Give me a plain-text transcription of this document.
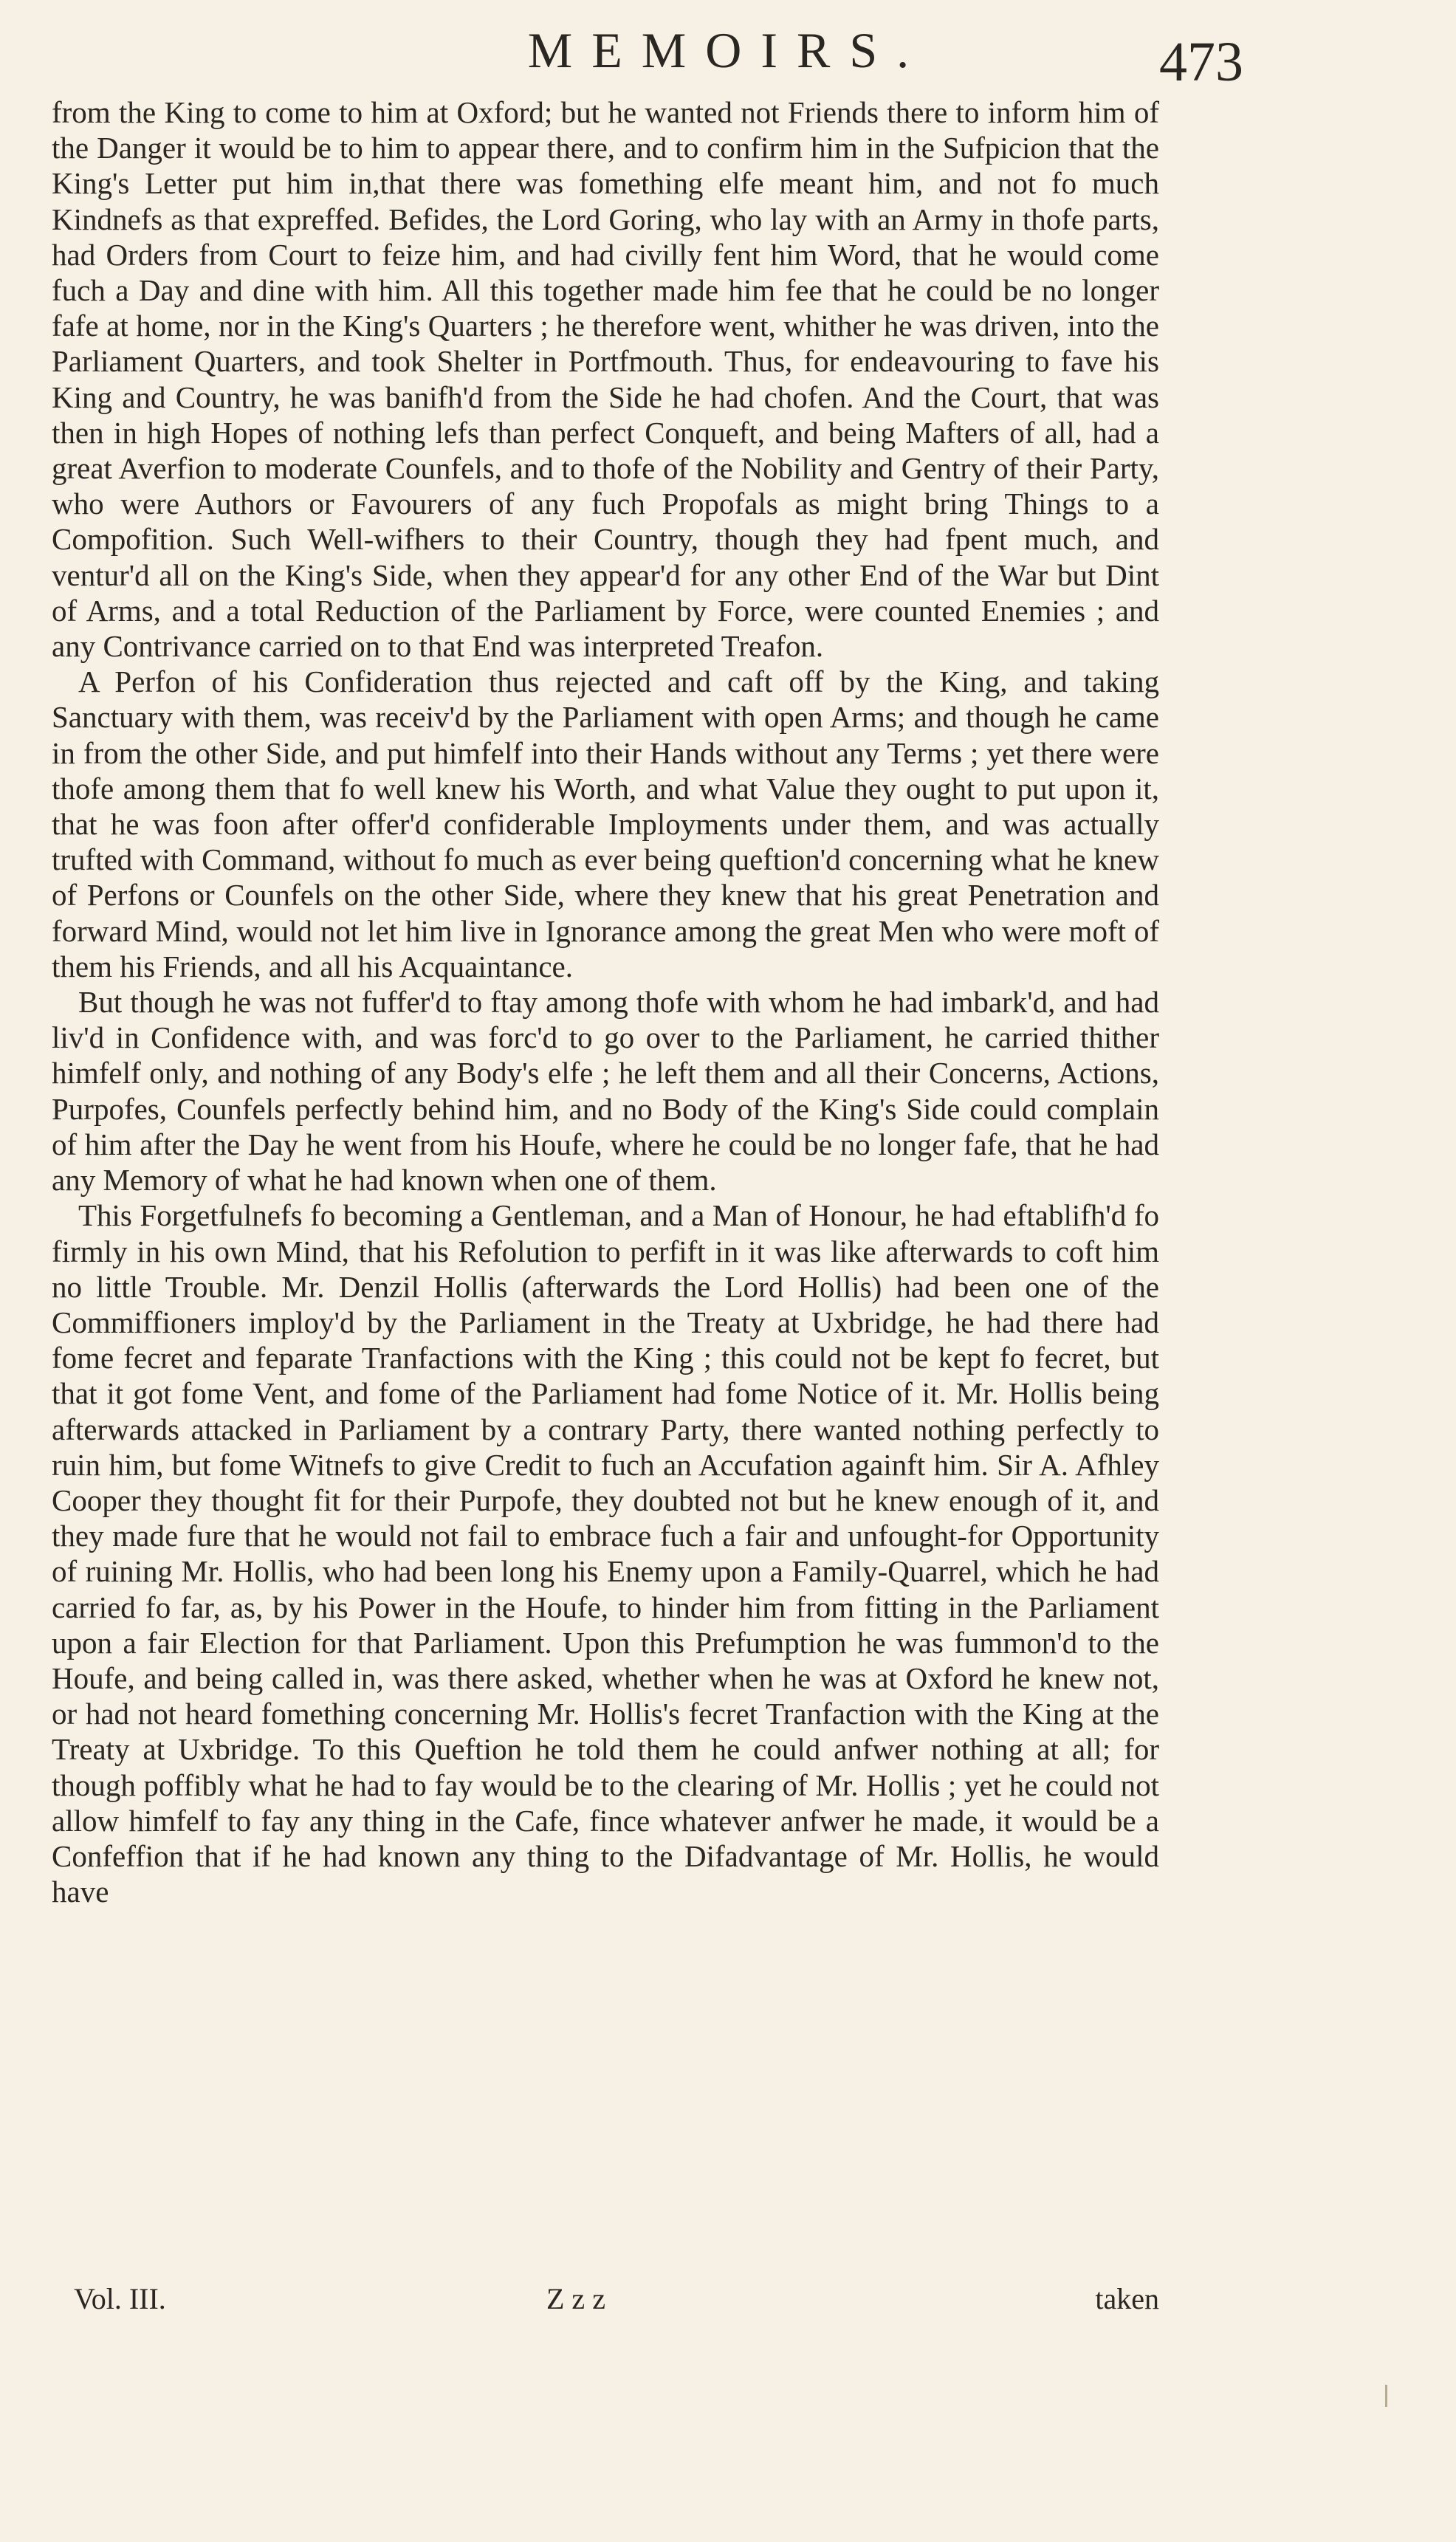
MEMOIRS.	473

from the King to come to him at Oxford; but he wanted not Friends there to inform him of the Danger it would be to him to appear there, and to confirm him in the Sufpicion that the King's Letter put him in,that there was fomething elfe meant him, and not fo much Kindnefs as that expreffed. Befides, the Lord Goring, who lay with an Army in thofe parts, had Orders from Court to feize him, and had civilly fent him Word, that he would come fuch a Day and dine with him. All this together made him fee that he could be no longer fafe at home, nor in the King's Quarters ; he therefore went, whither he was driven, into the Parliament Quarters, and took Shelter in Portfmouth. Thus, for endeavouring to fave his King and Country, he was banifh'd from the Side he had chofen. And the Court, that was then in high Hopes of nothing lefs than perfect Conqueft, and being Mafters of all, had a great Averfion to moderate Counfels, and to thofe of the Nobility and Gentry of their Party, who were Authors or Favourers of any fuch Propofals as might bring Things to a Compofition. Such Well-wifhers to their Country, though they had fpent much, and ventur'd all on the King's Side, when they appear'd for any other End of the War but Dint of Arms, and a total Reduction of the Parliament by Force, were counted Enemies ; and any Contrivance carried on to that End was interpreted Treafon.

A Perfon of his Confideration thus rejected and caft off by the King, and taking Sanctuary with them, was receiv'd by the Parliament with open Arms; and though he came in from the other Side, and put himfelf into their Hands without any Terms ; yet there were thofe among them that fo well knew his Worth, and what Value they ought to put upon it, that he was foon after offer'd confiderable Imployments under them, and was actually trufted with Command, without fo much as ever being queftion'd concerning what he knew of Perfons or Counfels on the other Side, where they knew that his great Penetration and forward Mind, would not let him live in Ignorance among the great Men who were moft of them his Friends, and all his Acquaintance.

But though he was not fuffer'd to ftay among thofe with whom he had imbark'd, and had liv'd in Confidence with, and was forc'd to go over to the Parliament, he carried thither himfelf only, and nothing of any Body's elfe ; he left them and all their Concerns, Actions, Purpofes, Counfels perfectly behind him, and no Body of the King's Side could complain of him after the Day he went from his Houfe, where he could be no longer fafe, that he had any Memory of what he had known when one of them.

This Forgetfulnefs fo becoming a Gentleman, and a Man of Honour, he had eftablifh'd fo firmly in his own Mind, that his Refolution to perfift in it was like afterwards to coft him no little Trouble. Mr. Denzil Hollis (afterwards the Lord Hollis) had been one of the Commiffioners imploy'd by the Parliament in the Treaty at Uxbridge, he had there had fome fecret and feparate Tranfactions with the King ; this could not be kept fo fecret, but that it got fome Vent, and fome of the Parliament had fome Notice of it. Mr. Hollis being afterwards attacked in Parliament by a contrary Party, there wanted nothing perfectly to ruin him, but fome Witnefs to give Credit to fuch an Accufation againft him. Sir A. Afhley Cooper they thought fit for their Purpofe, they doubted not but he knew enough of it, and they made fure that he would not fail to embrace fuch a fair and unfought-for Opportunity of ruining Mr. Hollis, who had been long his Enemy upon a Family-Quarrel, which he had carried fo far, as, by his Power in the Houfe, to hinder him from fitting in the Parliament upon a fair Election for that Parliament. Upon this Prefumption he was fummon'd to the Houfe, and being called in, was there asked, whether when he was at Oxford he knew not, or had not heard fomething concerning Mr. Hollis's fecret Tranfaction with the King at the Treaty at Uxbridge. To this Queftion he told them he could anfwer nothing at all; for though poffibly what he had to fay would be to the clearing of Mr. Hollis ; yet he could not allow himfelf to fay any thing in the Cafe, fince whatever anfwer he made, it would be a Confeffion that if he had known any thing to the Difadvantage of Mr. Hollis, he would have

Vol. III.	Zzz	taken
